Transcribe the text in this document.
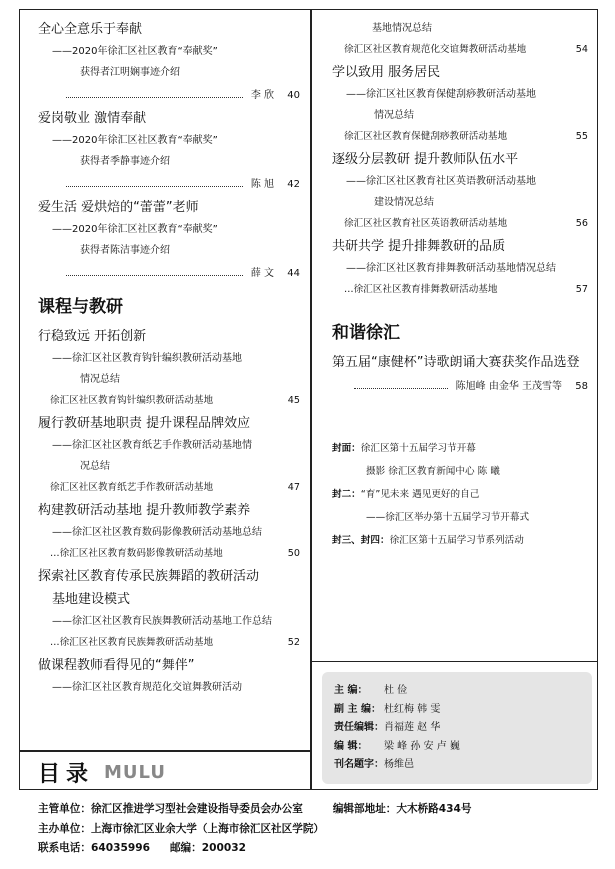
全心全意乐于奉献
——2020年徐汇区社区教育“奉献奖”
获得者江明娴事迹介绍
李 欣	40
爱岗敬业 激情奉献
——2020年徐汇区社区教育“奉献奖”
获得者季静事迹介绍
陈 旭	42
爱生活 爱烘焙的“蕾蕾”老师
——2020年徐汇区社区教育“奉献奖”
获得者陈洁事迹介绍
薛 文	44
课程与教研
行稳致远 开拓创新
——徐汇区社区教育钩针编织教研活动基地
情况总结
徐汇区社区教育钩针编织教研活动基地	45
履行教研基地职责 提升课程品牌效应
——徐汇区社区教育纸艺手作教研活动基地情
况总结
徐汇区社区教育纸艺手作教研活动基地	47
构建教研活动基地 提升教师教学素养
——徐汇区社区教育数码影像教研活动基地总结
…徐汇区社区教育数码影像教研活动基地	50
探索社区教育传承民族舞蹈的教研活动
基地建设模式
——徐汇区社区教育民族舞教研活动基地工作总结
…徐汇区社区教育民族舞教研活动基地	52
做课程教师看得见的“舞伴”
——徐汇区社区教育规范化交谊舞教研活动
基地情况总结
徐汇区社区教育规范化交谊舞教研活动基地	54
学以致用 服务居民
——徐汇区社区教育保健刮痧教研活动基地
情况总结
徐汇区社区教育保健刮痧教研活动基地	55
逐级分层教研 提升教师队伍水平
——徐汇区社区教育社区英语教研活动基地
建设情况总结
徐汇区社区教育社区英语教研活动基地	56
共研共学 提升排舞教研的品质
——徐汇区社区教育排舞教研活动基地情况总结
…徐汇区社区教育排舞教研活动基地	57
和谐徐汇
第五届“康健杯”诗歌朗诵大赛获奖作品选登
陈旭峰 由金华 王茂雪等	58
封面：徐汇区第十五届学习节开幕
摄影 徐汇区教育新闻中心 陈 曦
封二：“育”见未来 遇见更好的自己
——徐汇区举办第十五届学习节开幕式
封三、封四：徐汇区第十五届学习节系列活动
主 编： 杜 俭
副 主 编： 杜红梅 韩 雯
责任编辑：肖福莲 赵 华
编 辑： 梁 峰 孙 安 卢 巍
刊名题字：杨维邑
目录 MULU
主管单位：徐汇区推进学习型社会建设指导委员会办公室	编辑部地址：大木桥路434号
主办单位：上海市徐汇区业余大学（上海市徐汇区社区学院）
联系电话：64035996 邮编：200032
